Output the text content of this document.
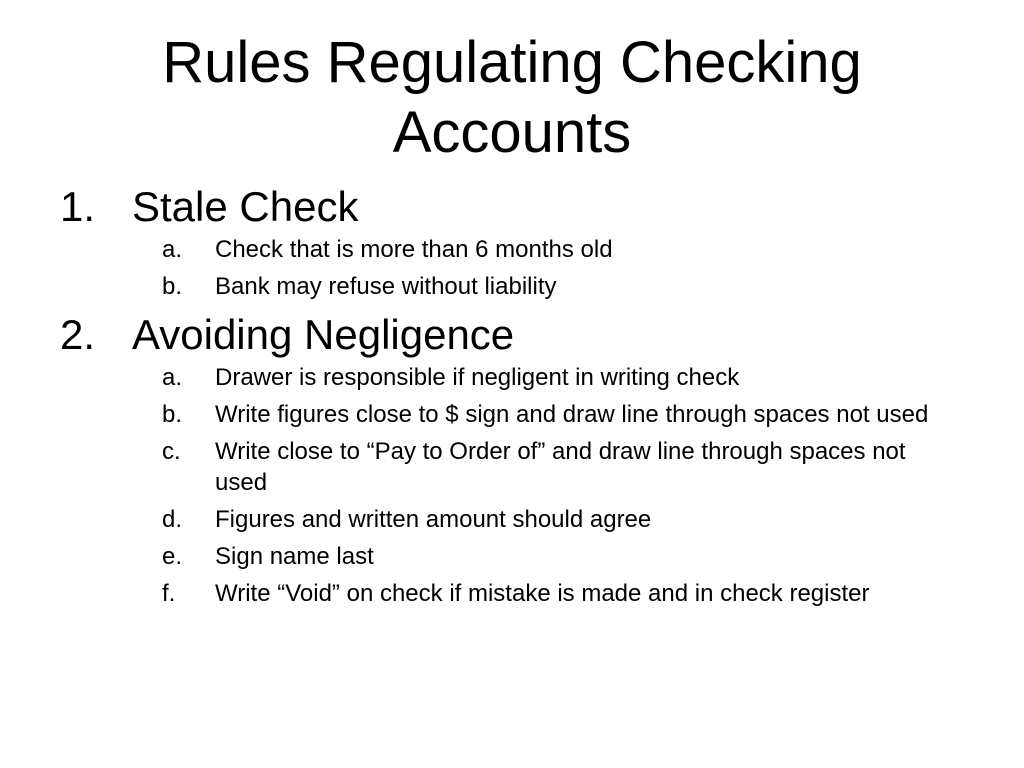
Rules Regulating Checking
Accounts
1. Stale Check
a. Check that is more than 6 months old
b. Bank may refuse without liability
2. Avoiding Negligence
a. Drawer is responsible if negligent in writing check
b. Write figures close to $ sign and draw line through spaces not used
c. Write close to “Pay to Order of” and draw line through spaces not used
d. Figures and written amount should agree
e. Sign name last
f. Write “Void” on check if mistake is made and in check register
